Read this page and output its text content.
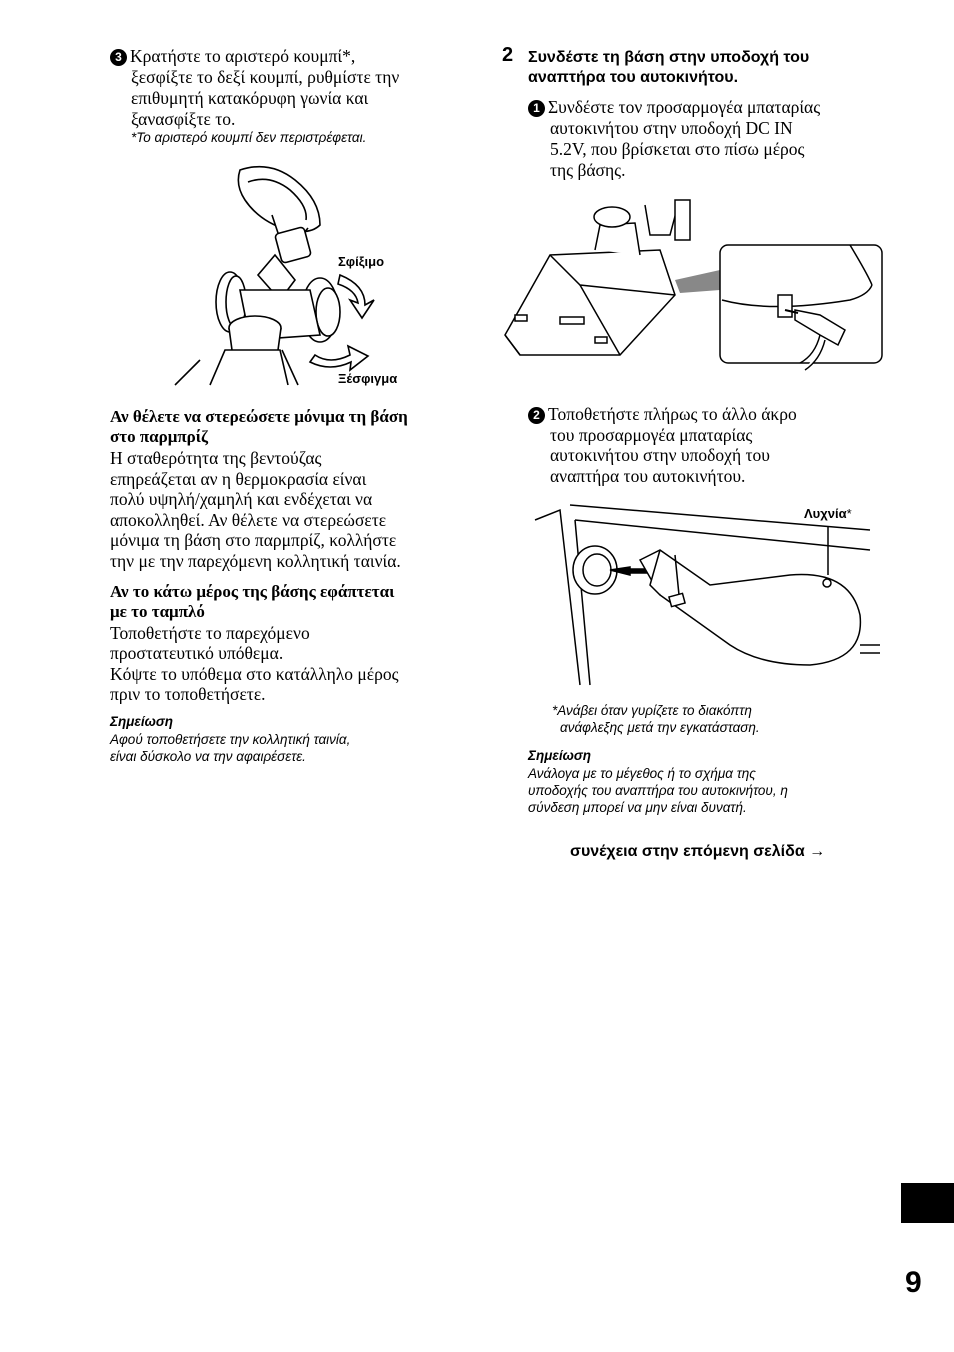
3 Κρατήστε το αριστερό κουμπί*,
ξεσφίξτε το δεξί κουμπί, ρυθμίστε την
επιθυμητή κατακόρυφη γωνία και
ξανασφίξτε το.
*Το αριστερό κουμπί δεν περιστρέφεται.
Σφίξιμο
Ξέσφιγμα
Αν θέλετε να στερεώσετε μόνιμα τη βάση
στο παρμπρίζ
Η σταθερότητα της βεντούζας
επηρεάζεται αν η θερμοκρασία είναι
πολύ υψηλή/χαμηλή και ενδέχεται να
αποκολληθεί. Αν θέλετε να στερεώσετε
μόνιμα τη βάση στο παρμπρίζ, κολλήστε
την με την παρεχόμενη κολλητική ταινία.
Αν το κάτω μέρος της βάσης εφάπτεται
με το ταμπλό
Τοποθετήστε το παρεχόμενο
προστατευτικό υπόθεμα.
Κόψτε το υπόθεμα στο κατάλληλο μέρος
πριν το τοποθετήσετε.
Σημείωση
Αφού τοποθετήσετε την κολλητική ταινία,
είναι δύσκολο να την αφαιρέσετε.
2 Συνδέστε τη βάση στην υποδοχή του
αναπτήρα του αυτοκινήτου.
1 Συνδέστε τον προσαρμογέα μπαταρίας
αυτοκινήτου στην υποδοχή DC IN
5.2V, που βρίσκεται στο πίσω μέρος
της βάσης.
2 Τοποθετήστε πλήρως το άλλο άκρο
του προσαρμογέα μπαταρίας
αυτοκινήτου στην υποδοχή του
αναπτήρα του αυτοκινήτου.
Λυχνία*
*Ανάβει όταν γυρίζετε το διακόπτη
ανάφλεξης μετά την εγκατάσταση.
Σημείωση
Ανάλογα με το μέγεθος ή το σχήμα της
υποδοχής του αναπτήρα του αυτοκινήτου, η
σύνδεση μπορεί να μην είναι δυνατή.
συνέχεια στην επόμενη σελίδα →
9
